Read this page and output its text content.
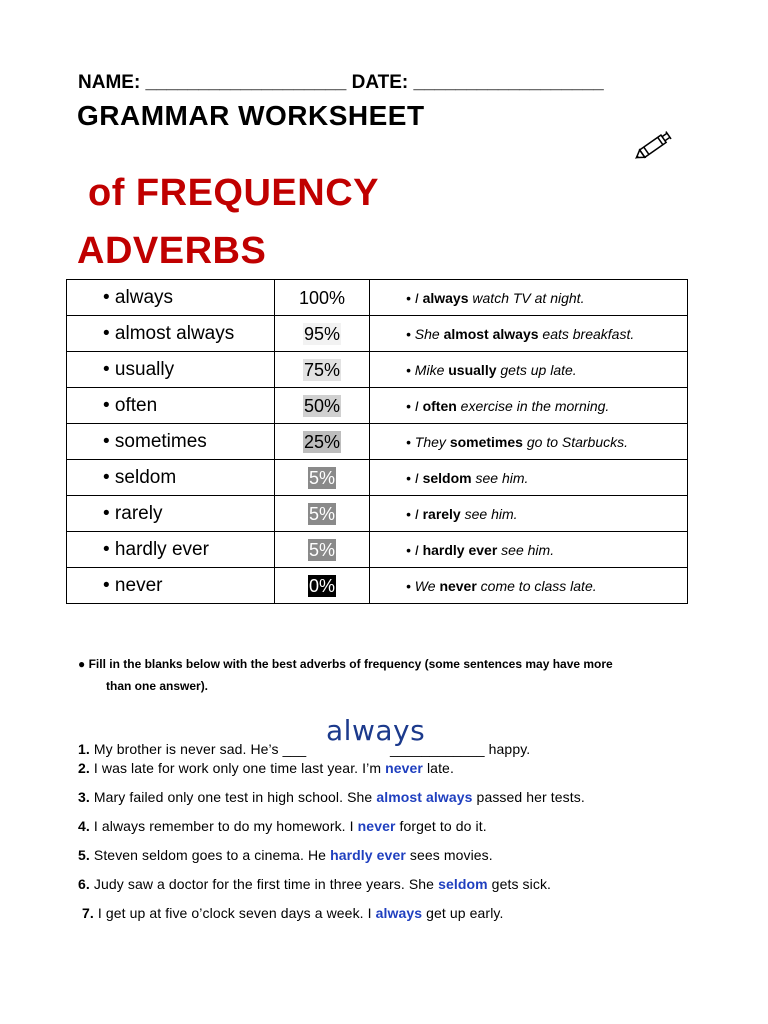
NAME: ___________________ DATE: __________________
GRAMMAR WORKSHEET
of FREQUENCY
ADVERBS
• always	100%	• I always watch TV at night.
• almost always	95%	• She almost always eats breakfast.
• usually	75%	• Mike usually gets up late.
• often	50%	• I often exercise in the morning.
• sometimes	25%	• They sometimes go to Starbucks.
• seldom	5%	• I seldom see him.
• rarely	5%	• I rarely see him.
• hardly ever	5%	• I hardly ever see him.
• never	0%	• We never come to class late.
● Fill in the blanks below with the best adverbs of frequency (some sentences may have more
than one answer).
always
1. My brother is never sad. He’s ___                     ____________ happy.
2. I was late for work only one time last year. I’m never late.
3. Mary failed only one test in high school. She almost always passed her tests.
4. I always remember to do my homework. I never forget to do it.
5. Steven seldom goes to a cinema. He hardly ever sees movies.
6. Judy saw a doctor for the first time in three years. She seldom gets sick.
7. I get up at five o’clock seven days a week. I always get up early.
